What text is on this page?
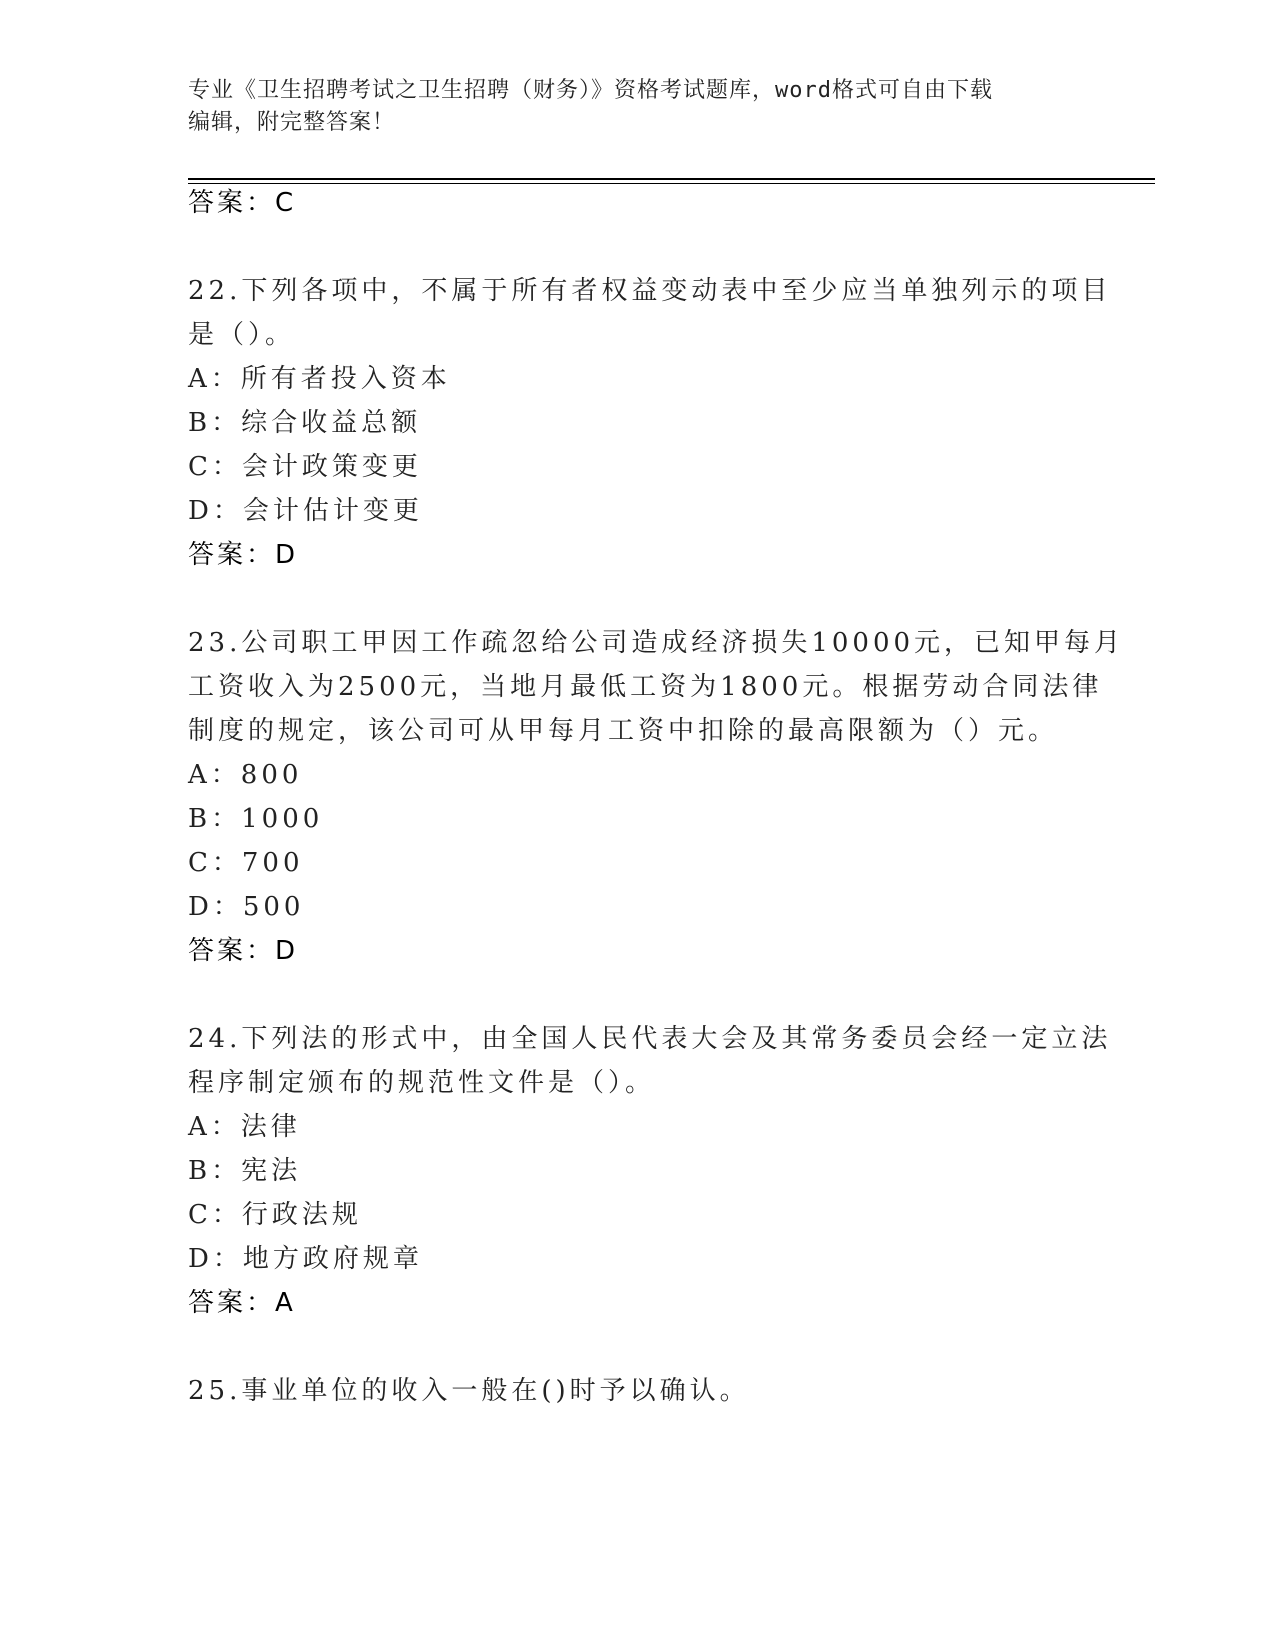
专业《卫生招聘考试之卫生招聘（财务）》资格考试题库，word格式可自由下载
编辑，附完整答案！
答案：C
22.下列各项中，不属于所有者权益变动表中至少应当单独列示的项目
是（）。
A：所有者投入资本
B：综合收益总额
C：会计政策变更
D：会计估计变更
答案：D
23.公司职工甲因工作疏忽给公司造成经济损失10000元，已知甲每月
工资收入为2500元，当地月最低工资为1800元。根据劳动合同法律
制度的规定，该公司可从甲每月工资中扣除的最高限额为（）元。
A：800
B：1000
C：700
D：500
答案：D
24.下列法的形式中，由全国人民代表大会及其常务委员会经一定立法
程序制定颁布的规范性文件是（）。
A：法律
B：宪法
C：行政法规
D：地方政府规章
答案：A
25.事业单位的收入一般在()时予以确认。
